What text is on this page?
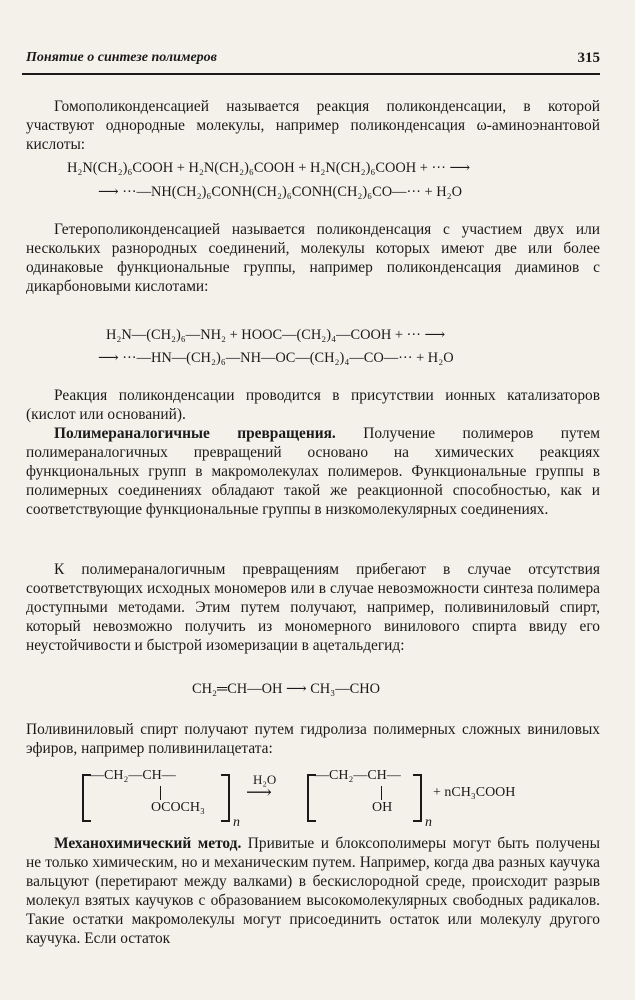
Понятие о синтезе полимеров	315

Гомополиконденсацией называется реакция поликонденсации, в которой участвуют однородные молекулы, например поликонденсация ω-аминоэнантовой кислоты:

H₂N(CH₂)₆COOH + H₂N(CH₂)₆COOH + H₂N(CH₂)₆COOH + ··· ⟶
⟶ ···—NH(CH₂)₆CONH(CH₂)₆CONH(CH₂)₆CO—··· + H₂O

Гетерополиконденсацией называется поликонденсация с участием двух или нескольких разнородных соединений, молекулы которых имеют две или более одинаковые функциональные группы, например поликонденсация диаминов с дикарбоновыми кислотами:

H₂N—(CH₂)₆—NH₂ + HOOC—(CH₂)₄—COOH + ··· ⟶
⟶ ···—HN—(CH₂)₆—NH—OC—(CH₂)₄—CO—··· + H₂O

Реакция поликонденсации проводится в присутствии ионных катализаторов (кислот или оснований).

Полимераналогичные превращения. Получение полимеров путем полимераналогичных превращений основано на химических реакциях функциональных групп в макромолекулах полимеров. Функциональные группы в полимерных соединениях обладают такой же реакционной способностью, как и соответствующие функциональные группы в низкомолекулярных соединениях.

К полимераналогичным превращениям прибегают в случае отсутствия соответствующих исходных мономеров или в случае невозможности синтеза полимера доступными методами. Этим путем получают, например, поливиниловый спирт, который невозможно получить из мономерного винилового спирта ввиду его неустойчивости и быстрой изомеризации в ацетальдегид:

CH₂═CH—OH ⟶ CH₃—CHO

Поливиниловый спирт получают путем гидролиза полимерных сложных виниловых эфиров, например поливинилацетата:

—CH₂—CH—
OCOCH₃
n
H₂O
⟶
—CH₂—CH—
OH
n
+ nCH₃COOH

Механохимический метод. Привитые и блоксополимеры могут быть получены не только химическим, но и механическим путем. Например, когда два разных каучука вальцуют (перетирают между валками) в бескислородной среде, происходит разрыв молекул взятых каучуков с образованием высокомолекулярных свободных радикалов. Такие остатки макромолекулы могут присоединить остаток или молекулу другого каучука. Если остаток
